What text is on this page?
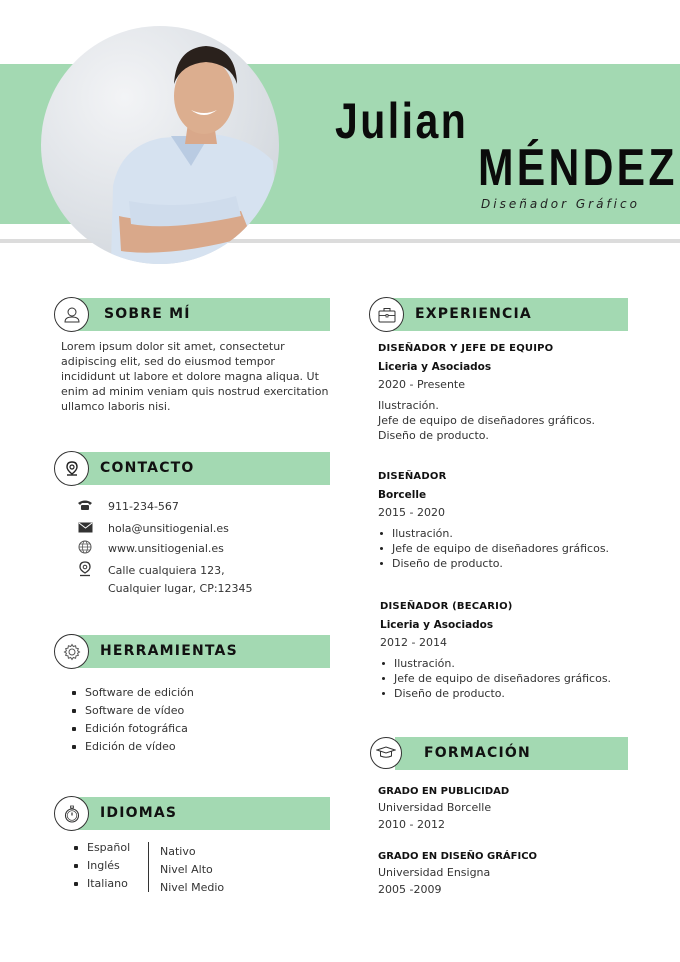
Julian
MÉNDEZ
Diseñador Gráfico
SOBRE MÍ
Lorem ipsum dolor sit amet, consectetur adipiscing elit, sed do eiusmod tempor incididunt ut labore et dolore magna aliqua. Ut enim ad minim veniam quis nostrud exercitation ullamco laboris nisi.
CONTACTO
911-234-567
hola@unsitiogenial.es
www.unsitiogenial.es
Calle cualquiera 123,
Cualquier lugar, CP:12345
HERRAMIENTAS
Software de edición
Software de vídeo
Edición fotográfica
Edición de vídeo
IDIOMAS
Español
Inglés
Italiano
Nativo
Nivel Alto
Nivel Medio
EXPERIENCIA
DISEÑADOR Y JEFE DE EQUIPO
Liceria y Asociados
2020 - Presente
Ilustración.
Jefe de equipo de diseñadores gráficos.
Diseño de producto.
DISEÑADOR
Borcelle
2015 - 2020
Ilustración.
Jefe de equipo de diseñadores gráficos.
Diseño de producto.
DISEÑADOR (BECARIO)
Liceria y Asociados
2012 - 2014
Ilustración.
Jefe de equipo de diseñadores gráficos.
Diseño de producto.
FORMACIÓN
GRADO EN PUBLICIDAD
Universidad Borcelle
2010 - 2012
GRADO EN DISEÑO GRÁFICO
Universidad Ensigna
2005 -2009
